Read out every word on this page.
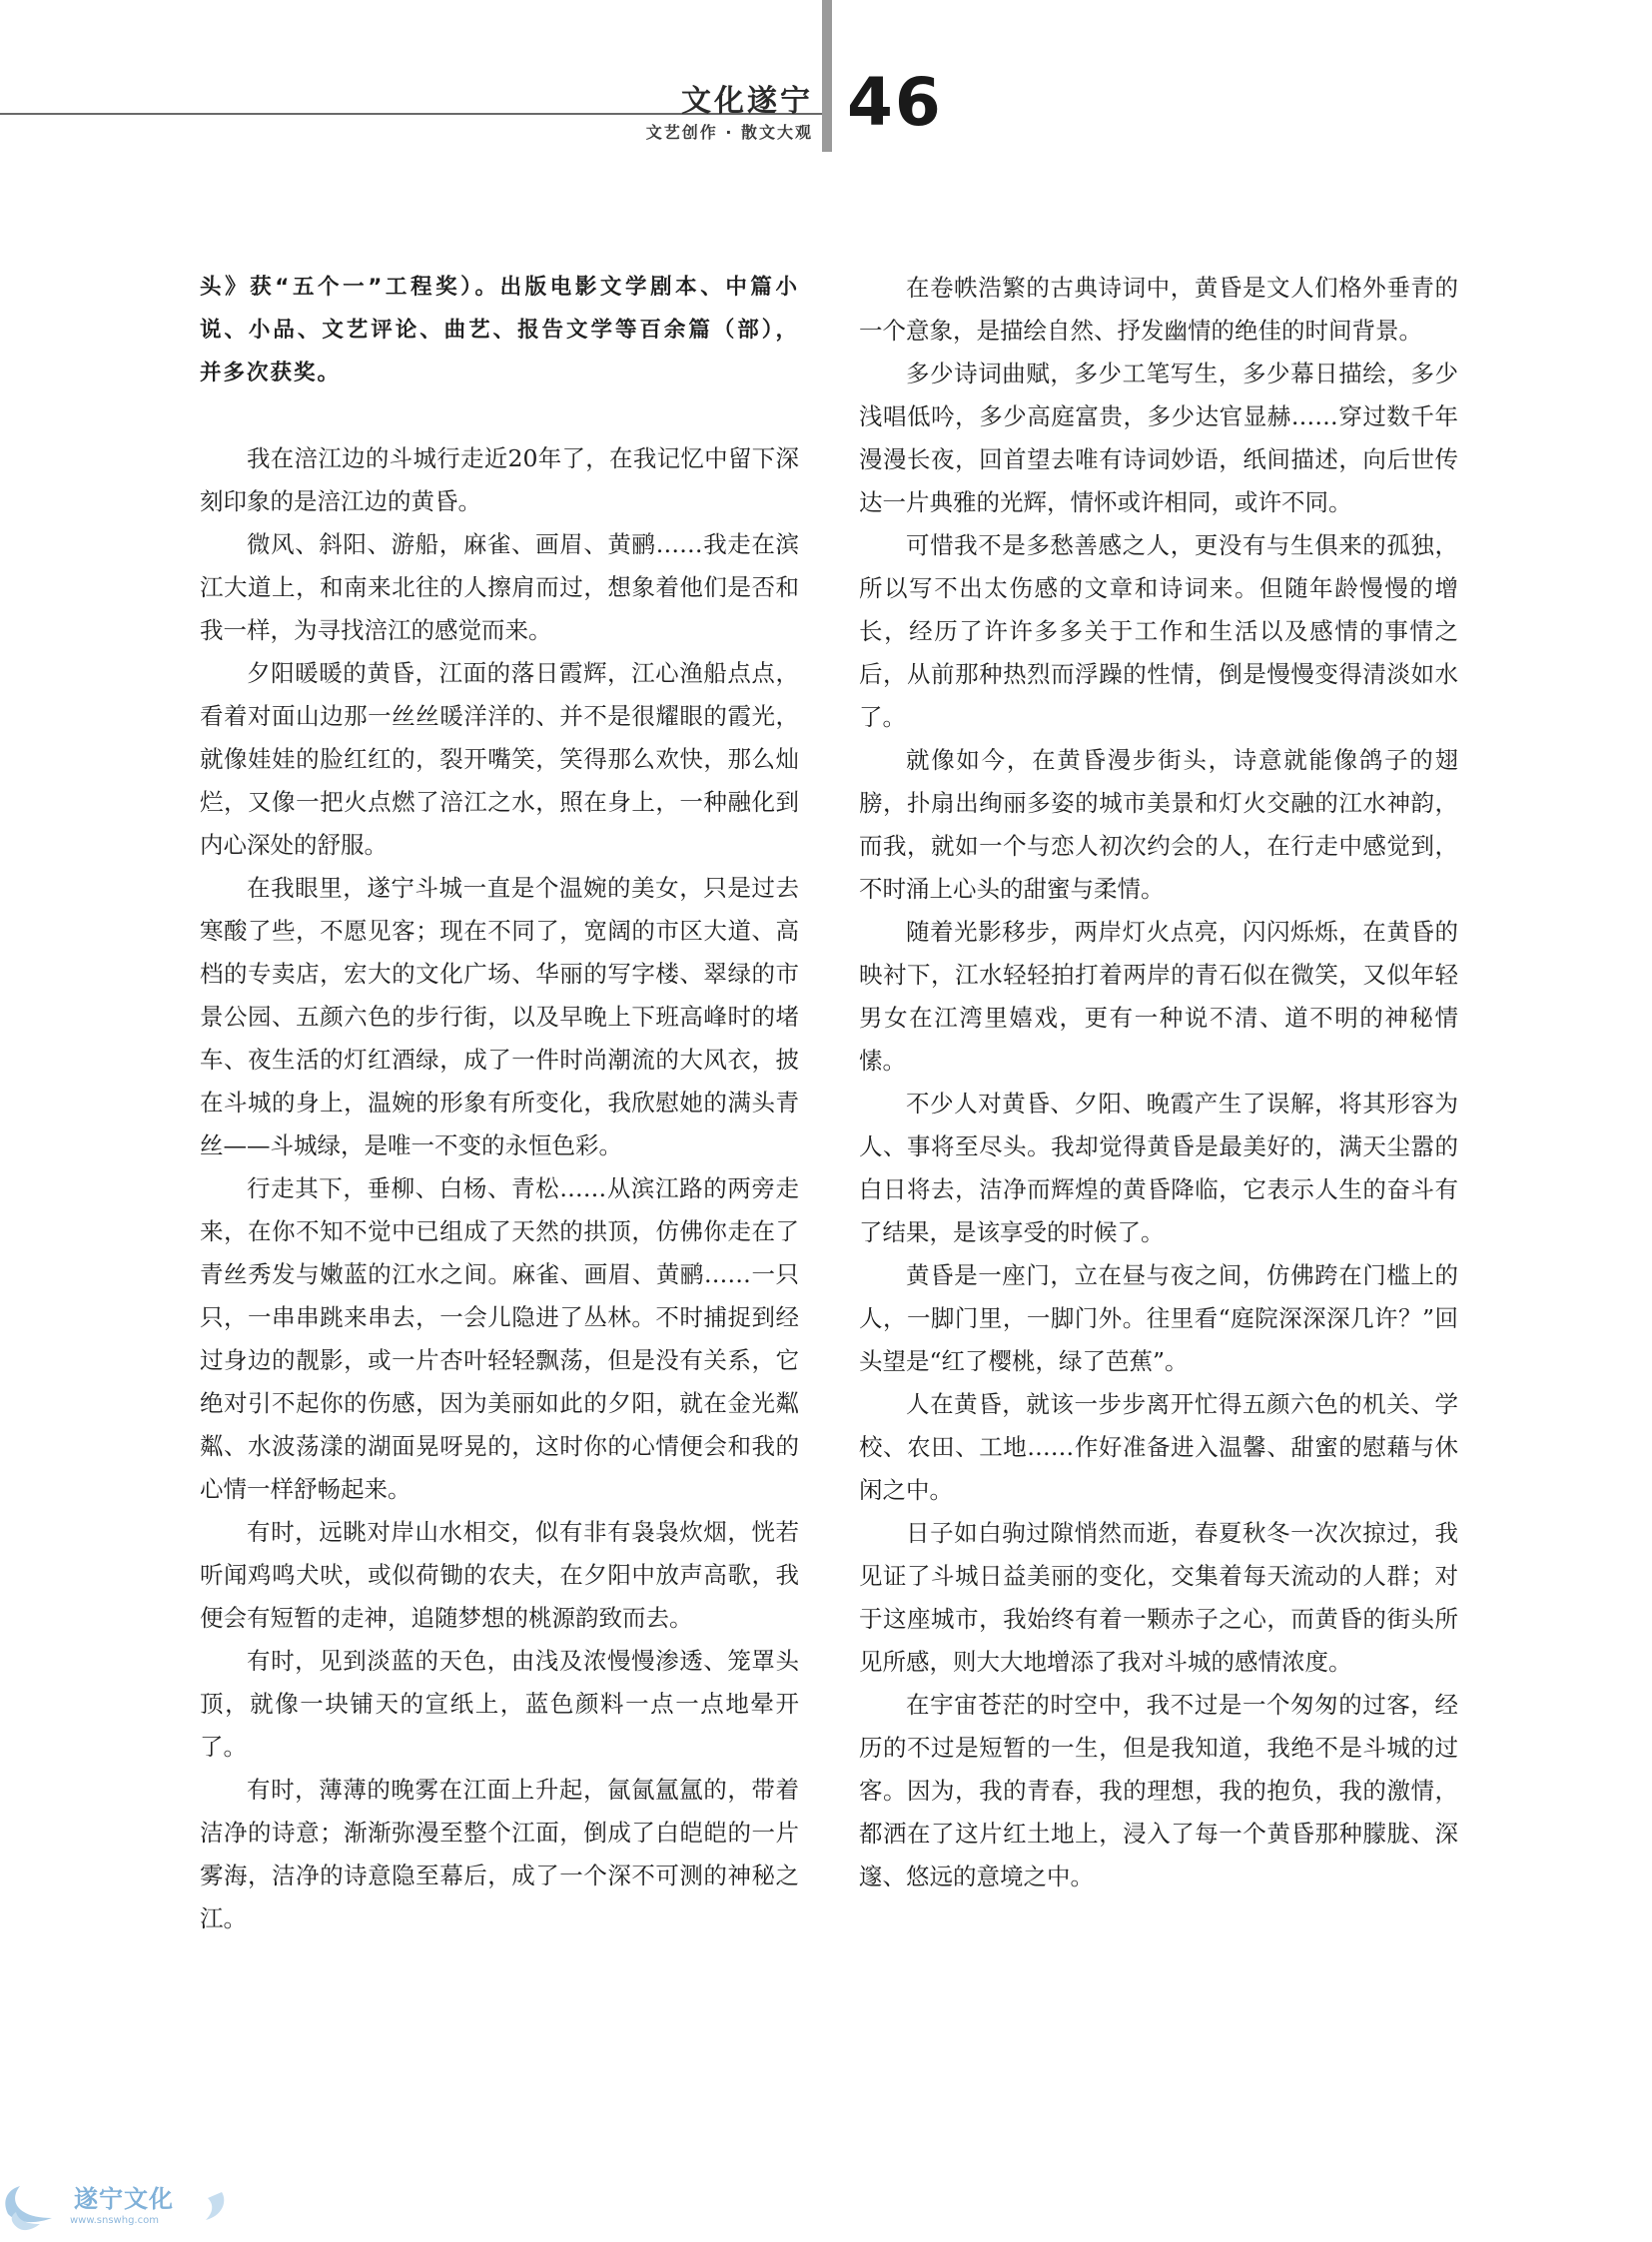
文化遂宁
文艺创作 · 散文大观 46

头》获“五个一”工程奖）。出版电影文学剧本、中篇小说、小品、文艺评论、曲艺、报告文学等百余篇（部），并多次获奖。

我在涪江边的斗城行走近20年了，在我记忆中留下深刻印象的是涪江边的黄昏。

微风、斜阳、游船，麻雀、画眉、黄鹂……我走在滨江大道上，和南来北往的人擦肩而过，想象着他们是否和我一样，为寻找涪江的感觉而来。

夕阳暖暖的黄昏，江面的落日霞辉，江心渔船点点，看着对面山边那一丝丝暖洋洋的、并不是很耀眼的霞光，就像娃娃的脸红红的，裂开嘴笑，笑得那么欢快，那么灿烂，又像一把火点燃了涪江之水，照在身上，一种融化到内心深处的舒服。

在我眼里，遂宁斗城一直是个温婉的美女，只是过去寒酸了些，不愿见客；现在不同了，宽阔的市区大道、高档的专卖店，宏大的文化广场、华丽的写字楼、翠绿的市景公园、五颜六色的步行街，以及早晚上下班高峰时的堵车、夜生活的灯红酒绿，成了一件时尚潮流的大风衣，披在斗城的身上，温婉的形象有所变化，我欣慰她的满头青丝——斗城绿，是唯一不变的永恒色彩。

行走其下，垂柳、白杨、青松……从滨江路的两旁走来，在你不知不觉中已组成了天然的拱顶，仿佛你走在了青丝秀发与嫩蓝的江水之间。麻雀、画眉、黄鹂……一只只，一串串跳来串去，一会儿隐进了丛林。不时捕捉到经过身边的靓影，或一片杏叶轻轻飘荡，但是没有关系，它绝对引不起你的伤感，因为美丽如此的夕阳，就在金光粼粼、水波荡漾的湖面晃呀晃的，这时你的心情便会和我的心情一样舒畅起来。

有时，远眺对岸山水相交，似有非有袅袅炊烟，恍若听闻鸡鸣犬吠，或似荷锄的农夫，在夕阳中放声高歌，我便会有短暂的走神，追随梦想的桃源韵致而去。

有时，见到淡蓝的天色，由浅及浓慢慢渗透、笼罩头顶，就像一块铺天的宣纸上，蓝色颜料一点一点地晕开了。

有时，薄薄的晚雾在江面上升起，氤氤氲氲的，带着洁净的诗意；渐渐弥漫至整个江面，倒成了白皑皑的一片雾海，洁净的诗意隐至幕后，成了一个深不可测的神秘之江。

在卷帙浩繁的古典诗词中，黄昏是文人们格外垂青的一个意象，是描绘自然、抒发幽情的绝佳的时间背景。

多少诗词曲赋，多少工笔写生，多少幕日描绘，多少浅唱低吟，多少高庭富贵，多少达官显赫……穿过数千年漫漫长夜，回首望去唯有诗词妙语，纸间描述，向后世传达一片典雅的光辉，情怀或许相同，或许不同。

可惜我不是多愁善感之人，更没有与生俱来的孤独，所以写不出太伤感的文章和诗词来。但随年龄慢慢的增长，经历了许许多多关于工作和生活以及感情的事情之后，从前那种热烈而浮躁的性情，倒是慢慢变得清淡如水了。

就像如今，在黄昏漫步街头，诗意就能像鸽子的翅膀，扑扇出绚丽多姿的城市美景和灯火交融的江水神韵，而我，就如一个与恋人初次约会的人，在行走中感觉到，不时涌上心头的甜蜜与柔情。

随着光影移步，两岸灯火点亮，闪闪烁烁，在黄昏的映衬下，江水轻轻拍打着两岸的青石似在微笑，又似年轻男女在江湾里嬉戏，更有一种说不清、道不明的神秘情愫。

不少人对黄昏、夕阳、晚霞产生了误解，将其形容为人、事将至尽头。我却觉得黄昏是最美好的，满天尘嚣的白日将去，洁净而辉煌的黄昏降临，它表示人生的奋斗有了结果，是该享受的时候了。

黄昏是一座门，立在昼与夜之间，仿佛跨在门槛上的人，一脚门里，一脚门外。往里看“庭院深深深几许？”回头望是“红了樱桃，绿了芭蕉”。

人在黄昏，就该一步步离开忙得五颜六色的机关、学校、农田、工地……作好准备进入温馨、甜蜜的慰藉与休闲之中。

日子如白驹过隙悄然而逝，春夏秋冬一次次掠过，我见证了斗城日益美丽的变化，交集着每天流动的人群；对于这座城市，我始终有着一颗赤子之心，而黄昏的街头所见所感，则大大地增添了我对斗城的感情浓度。

在宇宙苍茫的时空中，我不过是一个匆匆的过客，经历的不过是短暂的一生，但是我知道，我绝不是斗城的过客。因为，我的青春，我的理想，我的抱负，我的激情，都洒在了这片红土地上，浸入了每一个黄昏那种朦胧、深邃、悠远的意境之中。

遂宁文化
www.snswhg.com
